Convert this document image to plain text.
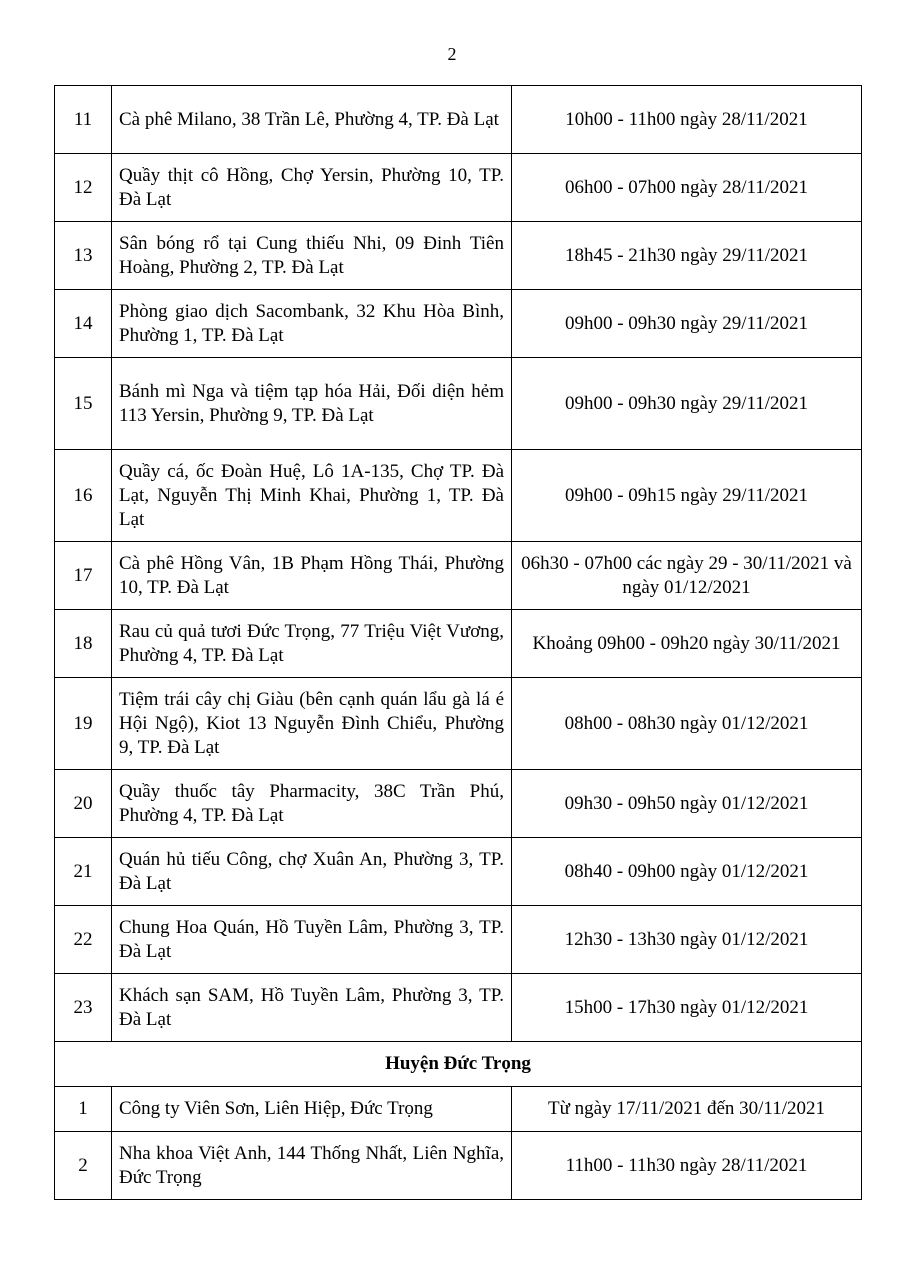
2
11	Cà phê Milano, 38 Trần Lê, Phường 4, TP. Đà Lạt	10h00 - 11h00 ngày 28/11/2021
12	Quầy thịt cô Hồng, Chợ Yersin, Phường 10, TP. Đà Lạt	06h00 - 07h00 ngày 28/11/2021
13	Sân bóng rổ tại Cung thiếu Nhi, 09 Đinh Tiên Hoàng, Phường 2, TP. Đà Lạt	18h45 - 21h30 ngày 29/11/2021
14	Phòng giao dịch Sacombank, 32 Khu Hòa Bình, Phường 1, TP. Đà Lạt	09h00 - 09h30 ngày 29/11/2021
15	Bánh mì Nga và tiệm tạp hóa Hải, Đối diện hẻm 113 Yersin, Phường 9, TP. Đà Lạt	09h00 - 09h30 ngày 29/11/2021
16	Quầy cá, ốc Đoàn Huệ, Lô 1A-135, Chợ TP. Đà Lạt, Nguyễn Thị Minh Khai, Phường 1, TP. Đà Lạt	09h00 - 09h15 ngày 29/11/2021
17	Cà phê Hồng Vân, 1B Phạm Hồng Thái, Phường 10, TP. Đà Lạt	06h30 - 07h00 các ngày 29 - 30/11/2021 và ngày 01/12/2021
18	Rau củ quả tươi Đức Trọng, 77 Triệu Việt Vương, Phường 4, TP. Đà Lạt	Khoảng 09h00 - 09h20 ngày 30/11/2021
19	Tiệm trái cây chị Giàu (bên cạnh quán lẩu gà lá é Hội Ngộ), Kiot 13 Nguyễn Đình Chiểu, Phường 9, TP. Đà Lạt	08h00 - 08h30 ngày 01/12/2021
20	Quầy thuốc tây Pharmacity, 38C Trần Phú, Phường 4, TP. Đà Lạt	09h30 - 09h50 ngày 01/12/2021
21	Quán hủ tiếu Công, chợ Xuân An, Phường 3, TP. Đà Lạt	08h40 - 09h00 ngày 01/12/2021
22	Chung Hoa Quán, Hồ Tuyền Lâm, Phường 3, TP. Đà Lạt	12h30 - 13h30 ngày 01/12/2021
23	Khách sạn SAM, Hồ Tuyền Lâm, Phường 3, TP. Đà Lạt	15h00 - 17h30 ngày 01/12/2021
Huyện Đức Trọng		
1	Công ty Viên Sơn, Liên Hiệp, Đức Trọng	Từ ngày 17/11/2021 đến 30/11/2021
2	Nha khoa Việt Anh, 144 Thống Nhất, Liên Nghĩa, Đức Trọng	11h00 - 11h30 ngày 28/11/2021
